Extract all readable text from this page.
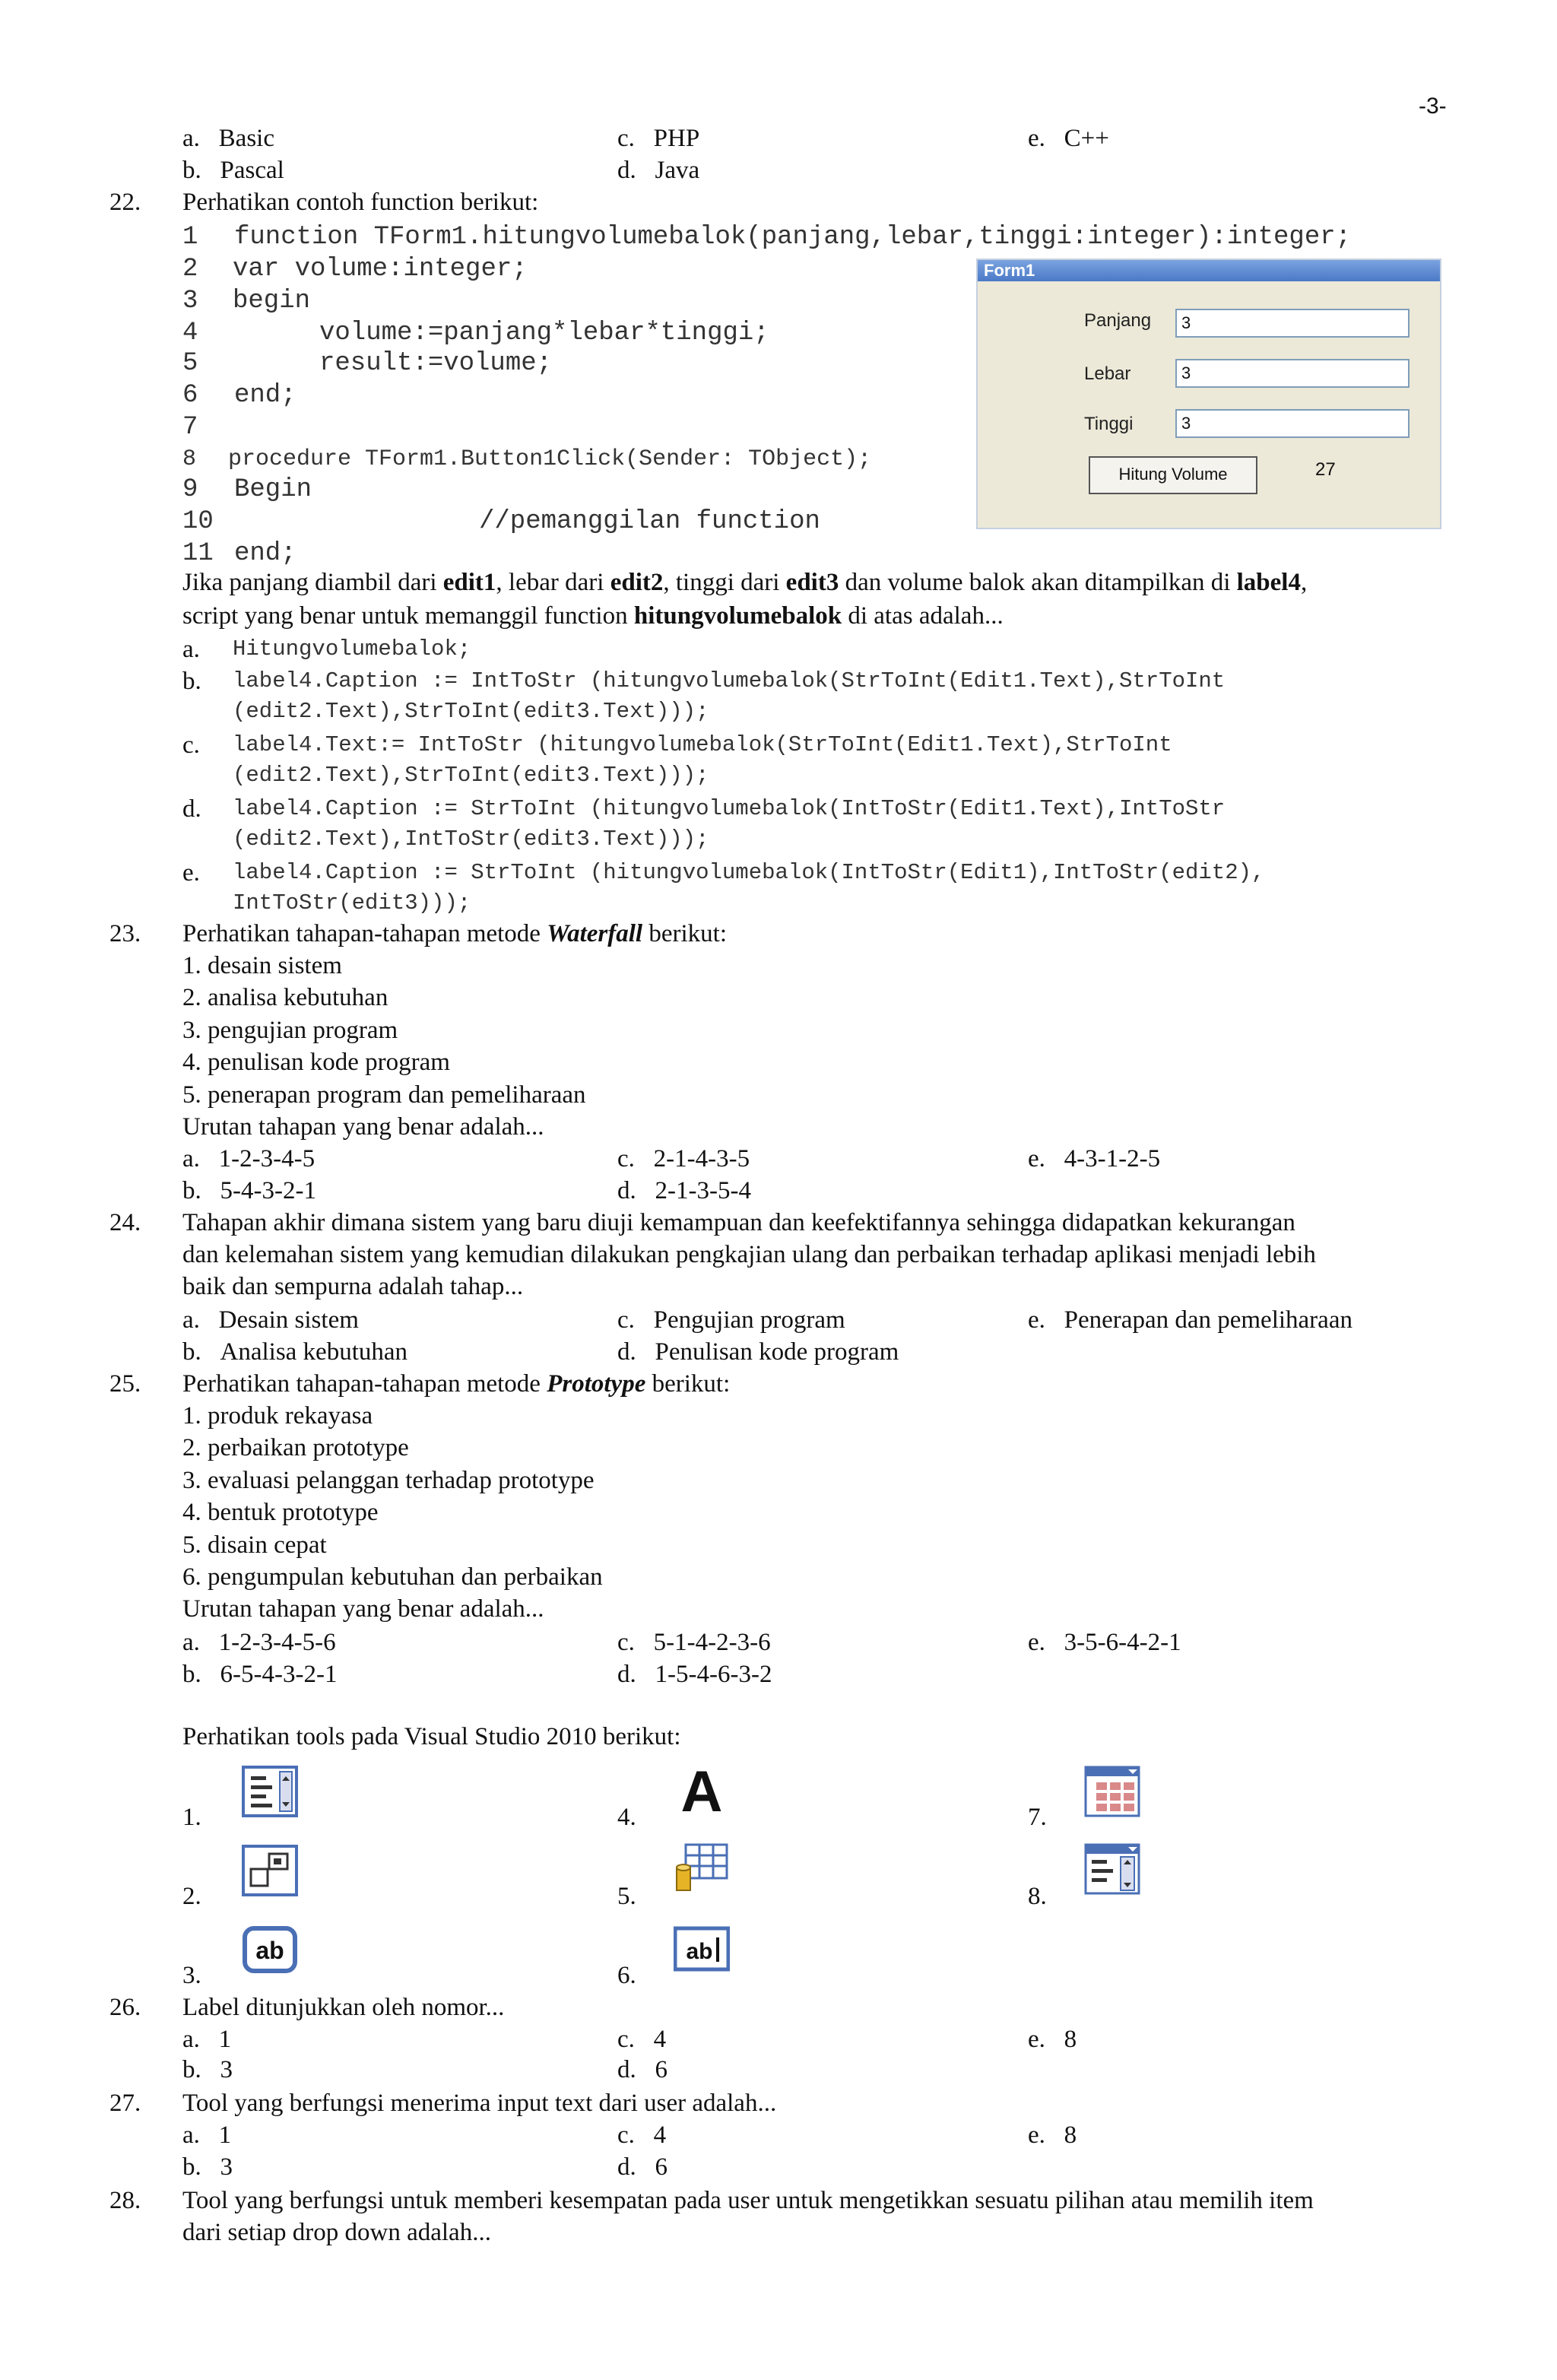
-3-
a.   Basic
b.   Pascal
c.   PHP
d.   Java
e.   C++
22. Perhatikan contoh function berikut:
1 function TForm1.hitungvolumebalok(panjang,lebar,tinggi:integer):integer;
2 var volume:integer;
3 begin
4	volume:=panjang*lebar*tinggi;
5	result:=volume;
6 end;
7
8 procedure TForm1.Button1Click(Sender: TObject);
9 Begin
10	//pemanggilan function
11 end;
Form1
Panjang	3
Lebar	3
Tinggi	3
Hitung Volume	27
Jika panjang diambil dari edit1, lebar dari edit2, tinggi dari edit3 dan volume balok akan ditampilkan di label4,
script yang benar untuk memanggil function hitungvolumebalok di atas adalah...
a. Hitungvolumebalok;
b. label4.Caption := IntToStr (hitungvolumebalok(StrToInt(Edit1.Text),StrToInt
(edit2.Text),StrToInt(edit3.Text)));
c. label4.Text:= IntToStr (hitungvolumebalok(StrToInt(Edit1.Text),StrToInt
(edit2.Text),StrToInt(edit3.Text)));
d. label4.Caption := StrToInt (hitungvolumebalok(IntToStr(Edit1.Text),IntToStr
(edit2.Text),IntToStr(edit3.Text)));
e. label4.Caption := StrToInt (hitungvolumebalok(IntToStr(Edit1),IntToStr(edit2),
IntToStr(edit3)));
23. Perhatikan tahapan-tahapan metode Waterfall berikut:
1. desain sistem
2. analisa kebutuhan
3. pengujian program
4. penulisan kode program
5. penerapan program dan pemeliharaan
Urutan tahapan yang benar adalah...
a.   1-2-3-4-5
b.   5-4-3-2-1
c.   2-1-4-3-5
d.   2-1-3-5-4
e.   4-3-1-2-5
24. Tahapan akhir dimana sistem yang baru diuji kemampuan dan keefektifannya sehingga didapatkan kekurangan
dan kelemahan sistem yang kemudian dilakukan pengkajian ulang dan perbaikan terhadap aplikasi menjadi lebih
baik dan sempurna adalah tahap...
a.   Desain sistem
b.   Analisa kebutuhan
c.   Pengujian program
d.   Penulisan kode program
e.   Penerapan dan pemeliharaan
25. Perhatikan tahapan-tahapan metode Prototype berikut:
1. produk rekayasa
2. perbaikan prototype
3. evaluasi pelanggan terhadap prototype
4. bentuk prototype
5. disain cepat
6. pengumpulan kebutuhan dan perbaikan
Urutan tahapan yang benar adalah...
a.   1-2-3-4-5-6
b.   6-5-4-3-2-1
c.   5-1-4-2-3-6
d.   1-5-4-6-3-2
e.   3-5-6-4-2-1
Perhatikan tools pada Visual Studio 2010 berikut:
1.
2.
3.
4.
5.
6.
7.
8.
ab
A
ab
26. Label ditunjukkan oleh nomor...
a.   1
b.   3
c.   4
d.   6
e.   8
27. Tool yang berfungsi menerima input text dari user adalah...
a.   1
b.   3
c.   4
d.   6
e.   8
28. Tool yang berfungsi untuk memberi kesempatan pada user untuk mengetikkan sesuatu pilihan atau memilih item
dari setiap drop down adalah...
